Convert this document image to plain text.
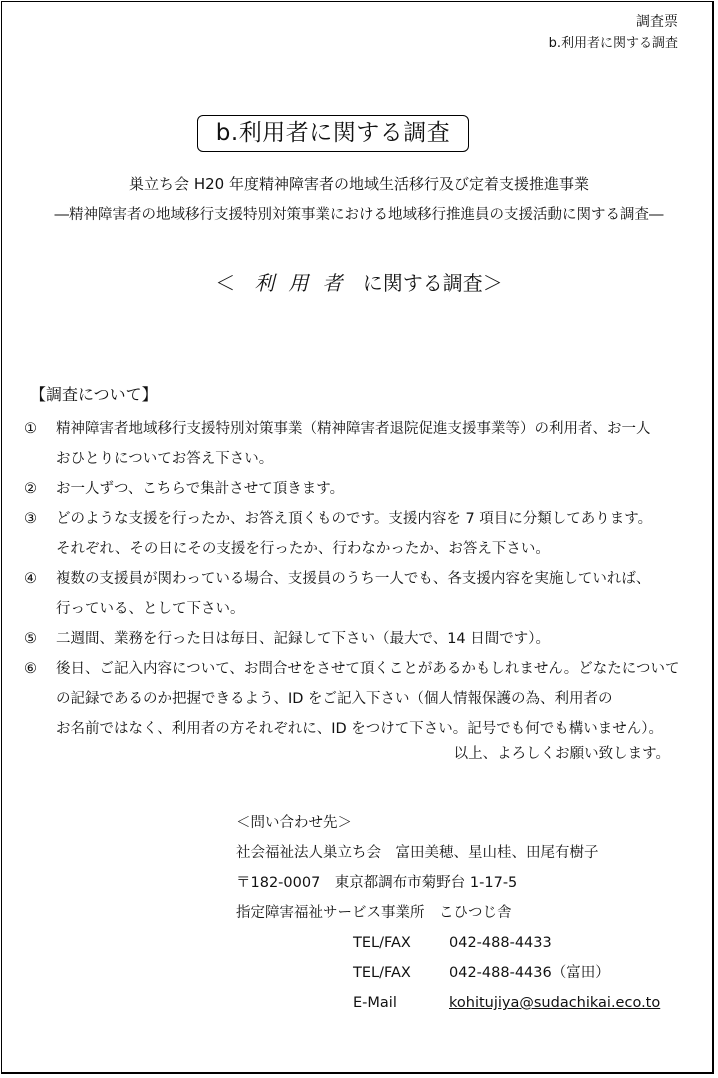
調査票
b.利用者に関する調査
b.利用者に関する調査
巣立ち会 H20 年度精神障害者の地域生活移行及び定着支援推進事業
―精神障害者の地域移行支援特別対策事業における地域移行推進員の支援活動に関する調査―
＜ 利用者 に関する調査＞
【調査について】
①	精神障害者地域移行支援特別対策事業（精神障害者退院促進支援事業等）の利用者、お一人
おひとりについてお答え下さい。
②	お一人ずつ、こちらで集計させて頂きます。
③	どのような支援を行ったか、お答え頂くものです。支援内容を 7 項目に分類してあります。
それぞれ、その日にその支援を行ったか、行わなかったか、お答え下さい。
④	複数の支援員が関わっている場合、支援員のうち一人でも、各支援内容を実施していれば、
行っている、として下さい。
⑤	二週間、業務を行った日は毎日、記録して下さい（最大で、14 日間です）。
⑥	後日、ご記入内容について、お問合せをさせて頂くことがあるかもしれません。どなたについての記録であるのか把握できるよう、ID をご記入下さい（個人情報保護の為、利用者の
お名前ではなく、利用者の方それぞれに、ID をつけて下さい。記号でも何でも構いません）。
以上、よろしくお願い致します。
＜問い合わせ先＞
社会福祉法人巣立ち会　富田美穂、星山桂、田尾有樹子
〒182-0007　東京都調布市菊野台 1-17-5
指定障害福祉サービス事業所　こひつじ舎
TEL/FAX	042-488-4433
TEL/FAX	042-488-4436（富田）
E-Mail	kohitujiya@sudachikai.eco.to
